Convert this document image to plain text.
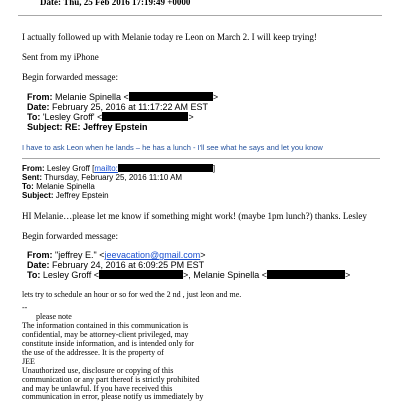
Date: Thu, 25 Feb 2016 17:19:49 +0000
I actually followed up with Melanie today re Leon on March 2. I will keep trying!
Sent from my iPhone
Begin forwarded message:
From: Melanie Spinella <	>
Date: February 25, 2016 at 11:17:22 AM EST
To: 'Lesley Groff' <	>
Subject: RE: Jeffrey Epstein
I have to ask Leon when he lands – he has a lunch - I'll see what he says and let you know
From: Lesley Groff [mailto:	]
Sent: Thursday, February 25, 2016 11:10 AM
To: Melanie Spinella
Subject: Jeffrey Epstein
HI Melanie…please let me know if something might work! (maybe 1pm lunch?) thanks. Lesley
Begin forwarded message:
From: "jeffrey E." <jeevacation@gmail.com>
Date: February 24, 2016 at 6:09:25 PM EST
To: Lesley Groff <	>, Melanie Spinella <	>
lets try to schedule an hour or so for wed the 2 nd , just leon and me.
--
please note
The information contained in this communication is
confidential, may be attorney-client privileged, may
constitute inside information, and is intended only for
the use of the addressee. It is the property of
JEE
Unauthorized use, disclosure or copying of this
communication or any part thereof is strictly prohibited
and may be unlawful. If you have received this
communication in error, please notify us immediately by
